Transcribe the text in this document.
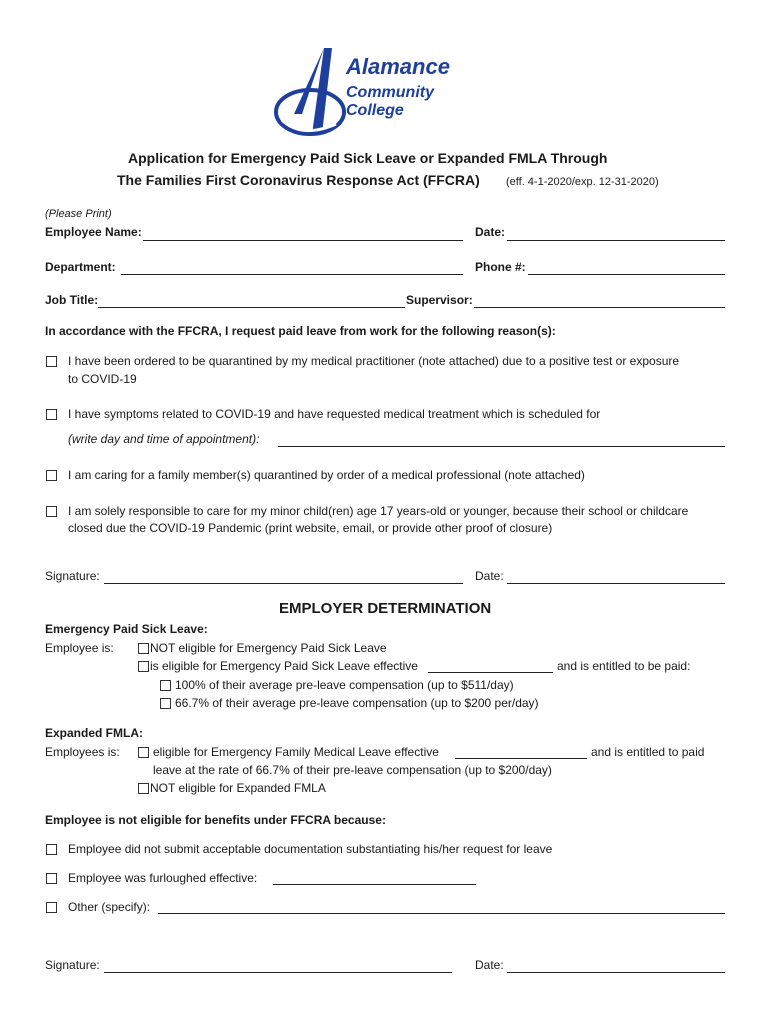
Alamance
Community College
Application for Emergency Paid Sick Leave or Expanded FMLA Through
The Families First Coronavirus Response Act (FFCRA) (eff. 4-1-2020/exp. 12-31-2020)
(Please Print)
Employee Name:	Date:
Department:	Phone #:
Job Title:	Supervisor:
In accordance with the FFCRA, I request paid leave from work for the following reason(s):
I have been ordered to be quarantined by my medical practitioner (note attached) due to a positive test or exposure
to COVID-19
I have symptoms related to COVID-19 and have requested medical treatment which is scheduled for
(write day and time of appointment):
I am caring for a family member(s) quarantined by order of a medical professional (note attached)
I am solely responsible to care for my minor child(ren) age 17 years-old or younger, because their school or childcare
closed due the COVID-19 Pandemic (print website, email, or provide other proof of closure)
Signature:	Date:
EMPLOYER DETERMINATION
Emergency Paid Sick Leave:
Employee is:	NOT eligible for Emergency Paid Sick Leave
is eligible for Emergency Paid Sick Leave effective	and is entitled to be paid:
100% of their average pre-leave compensation (up to $511/day)
66.7% of their average pre-leave compensation (up to $200 per/day)
Expanded FMLA:
Employees is:	eligible for Emergency Family Medical Leave effective	and is entitled to paid
leave at the rate of 66.7% of their pre-leave compensation (up to $200/day)
NOT eligible for Expanded FMLA
Employee is not eligible for benefits under FFCRA because:
Employee did not submit acceptable documentation substantiating his/her request for leave
Employee was furloughed effective:
Other (specify):
Signature:	Date:
